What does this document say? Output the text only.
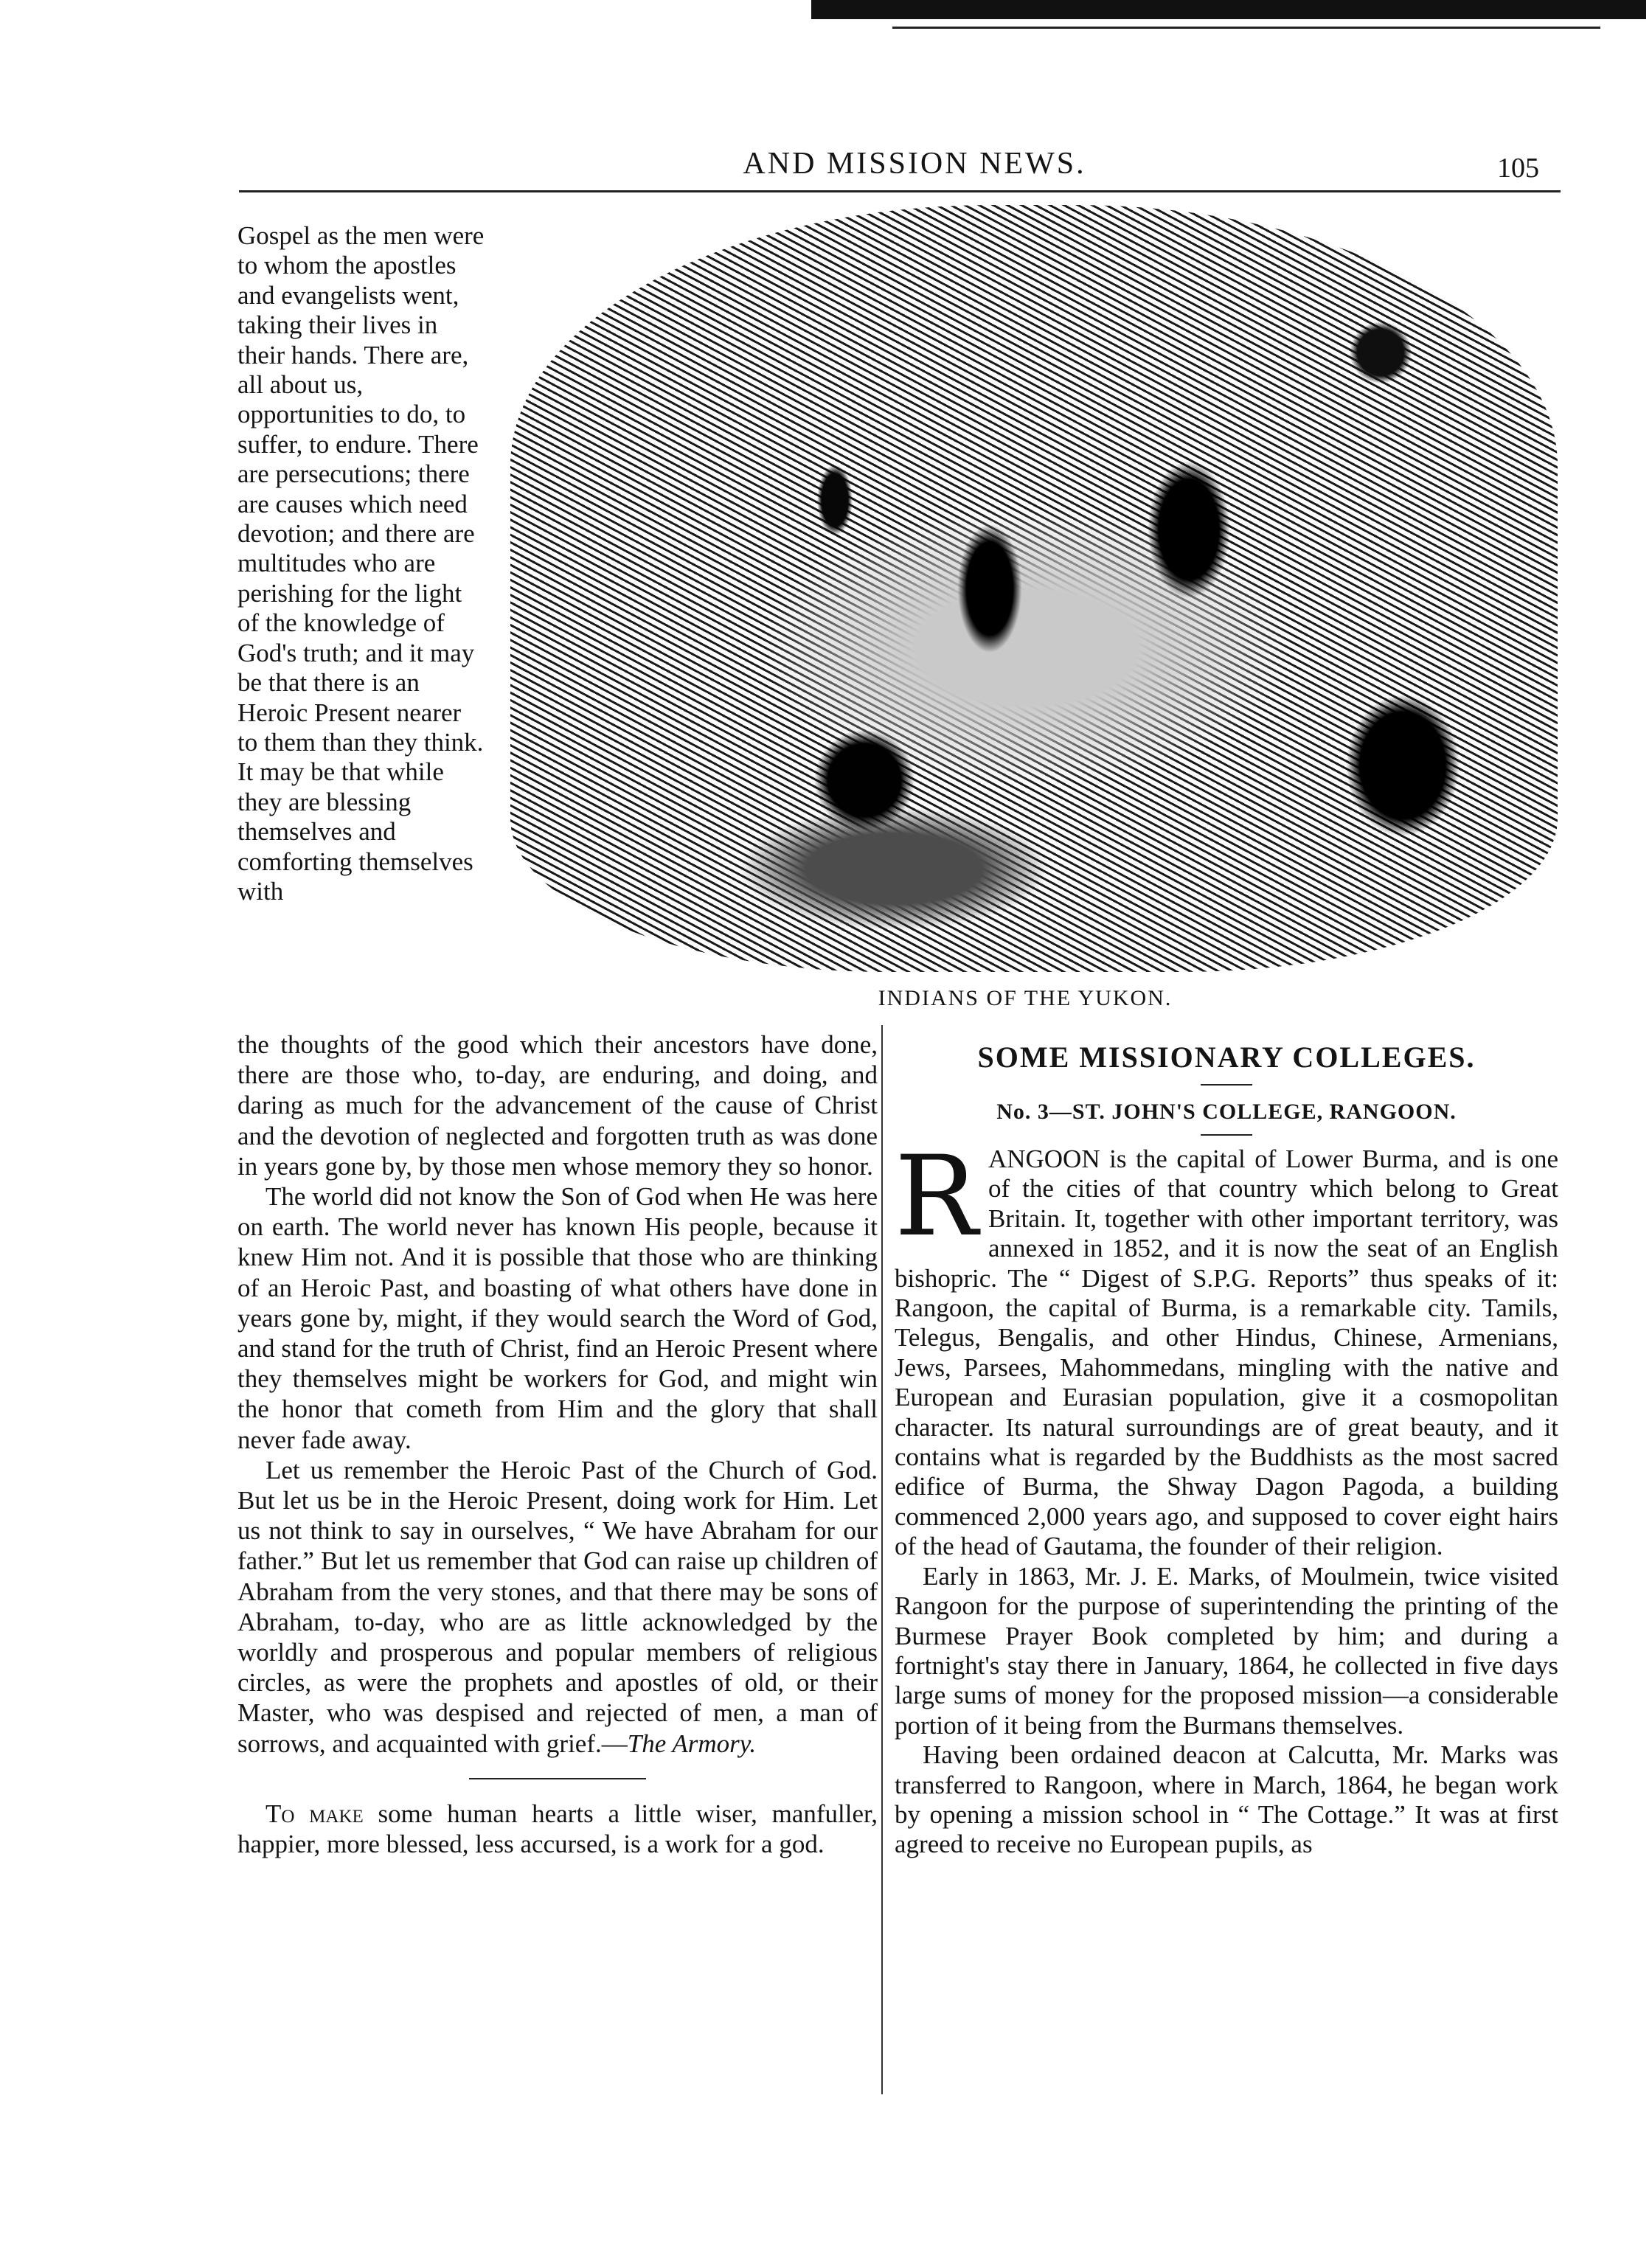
AND MISSION NEWS.	105
INDIANS OF THE YUKON.

Gospel as the men were to whom the apostles and evangelists went, taking their lives in their hands. There are, all about us, opportunities to do, to suffer, to endure. There are persecutions; there are causes which need devotion; and there are multitudes who are perishing for the light of the knowledge of God's truth; and it may be that there is an Heroic Present nearer to them than they think. It may be that while they are blessing themselves and comforting themselves with

the thoughts of the good which their ancestors have done, there are those who, to-day, are enduring, and doing, and daring as much for the advancement of the cause of Christ and the devotion of neglected and forgotten truth as was done in years gone by, by those men whose memory they so honor.

The world did not know the Son of God when He was here on earth. The world never has known His people, because it knew Him not. And it is possible that those who are thinking of an Heroic Past, and boasting of what others have done in years gone by, might, if they would search the Word of God, and stand for the truth of Christ, find an Heroic Present where they themselves might be workers for God, and might win the honor that cometh from Him and the glory that shall never fade away.

Let us remember the Heroic Past of the Church of God. But let us be in the Heroic Present, doing work for Him. Let us not think to say in ourselves, “ We have Abraham for our father.” But let us remember that God can raise up children of Abraham from the very stones, and that there may be sons of Abraham, to-day, who are as little acknowledged by the worldly and prosperous and popular members of religious circles, as were the prophets and apostles of old, or their Master, who was despised and rejected of men, a man of sorrows, and acquainted with grief.—The Armory.

To make some human hearts a little wiser, manfuller, happier, more blessed, less accursed, is a work for a god.

SOME MISSIONARY COLLEGES.
No. 3—ST. JOHN'S COLLEGE, RANGOON.

RANGOON is the capital of Lower Burma, and is one of the cities of that country which belong to Great Britain. It, together with other important territory, was annexed in 1852, and it is now the seat of an English bishopric. The “ Digest of S.P.G. Reports” thus speaks of it: Rangoon, the capital of Burma, is a remarkable city. Tamils, Telegus, Bengalis, and other Hindus, Chinese, Armenians, Jews, Parsees, Mahommedans, mingling with the native and European and Eurasian population, give it a cosmopolitan character. Its natural surroundings are of great beauty, and it contains what is regarded by the Buddhists as the most sacred edifice of Burma, the Shway Dagon Pagoda, a building commenced 2,000 years ago, and supposed to cover eight hairs of the head of Gautama, the founder of their religion.

Early in 1863, Mr. J. E. Marks, of Moulmein, twice visited Rangoon for the purpose of superintending the printing of the Burmese Prayer Book completed by him; and during a fortnight's stay there in January, 1864, he collected in five days large sums of money for the proposed mission—a considerable portion of it being from the Burmans themselves.

Having been ordained deacon at Calcutta, Mr. Marks was transferred to Rangoon, where in March, 1864, he began work by opening a mission school in “ The Cottage.” It was at first agreed to receive no European pupils, as
